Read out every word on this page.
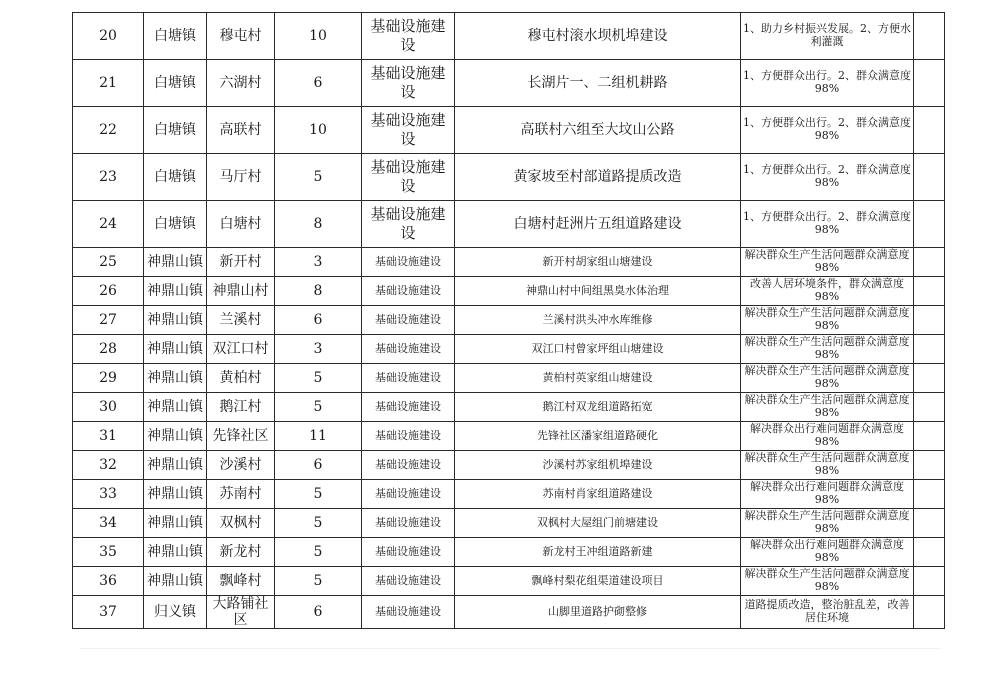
20	白塘镇	穆屯村	10	基础设施建设	穆屯村滚水坝机埠建设	1、助力乡村振兴发展。2、方便水利灌溉	
21	白塘镇	六湖村	6	基础设施建设	长湖片一、二组机耕路	1、方便群众出行。2、群众满意度98%	
22	白塘镇	高联村	10	基础设施建设	高联村六组至大坟山公路	1、方便群众出行。2、群众满意度98%	
23	白塘镇	马厅村	5	基础设施建设	黄家坡至村部道路提质改造	1、方便群众出行。2、群众满意度98%	
24	白塘镇	白塘村	8	基础设施建设	白塘村赶洲片五组道路建设	1、方便群众出行。2、群众满意度98%	
25	神鼎山镇	新开村	3	基础设施建设	新开村胡家组山塘建设	解决群众生产生活问题群众满意度98%	
26	神鼎山镇	神鼎山村	8	基础设施建设	神鼎山村中间组黑臭水体治理	改善人居环境条件，群众满意度98%	
27	神鼎山镇	兰溪村	6	基础设施建设	兰溪村洪头冲水库维修	解决群众生产生活问题群众满意度98%	
28	神鼎山镇	双江口村	3	基础设施建设	双江口村曾家坪组山塘建设	解决群众生产生活问题群众满意度98%	
29	神鼎山镇	黄柏村	5	基础设施建设	黄柏村英家组山塘建设	解决群众生产生活问题群众满意度98%	
30	神鼎山镇	鹅江村	5	基础设施建设	鹅江村双龙组道路拓宽	解决群众生产生活问题群众满意度98%	
31	神鼎山镇	先锋社区	11	基础设施建设	先锋社区潘家组道路硬化	解决群众出行难问题群众满意度98%	
32	神鼎山镇	沙溪村	6	基础设施建设	沙溪村苏家组机埠建设	解决群众生产生活问题群众满意度98%	
33	神鼎山镇	苏南村	5	基础设施建设	苏南村肖家组道路建设	解决群众出行难问题群众满意度98%	
34	神鼎山镇	双枫村	5	基础设施建设	双枫村大屋组门前塘建设	解决群众生产生活问题群众满意度98%	
35	神鼎山镇	新龙村	5	基础设施建设	新龙村王冲组道路新建	解决群众出行难问题群众满意度98%	
36	神鼎山镇	飘峰村	5	基础设施建设	飘峰村梨花组渠道建设项目	解决群众生产生活问题群众满意度98%	
37	归义镇	大路铺社区	6	基础设施建设	山脚里道路护砌整修	道路提质改造，整治脏乱差，改善居住环境	
